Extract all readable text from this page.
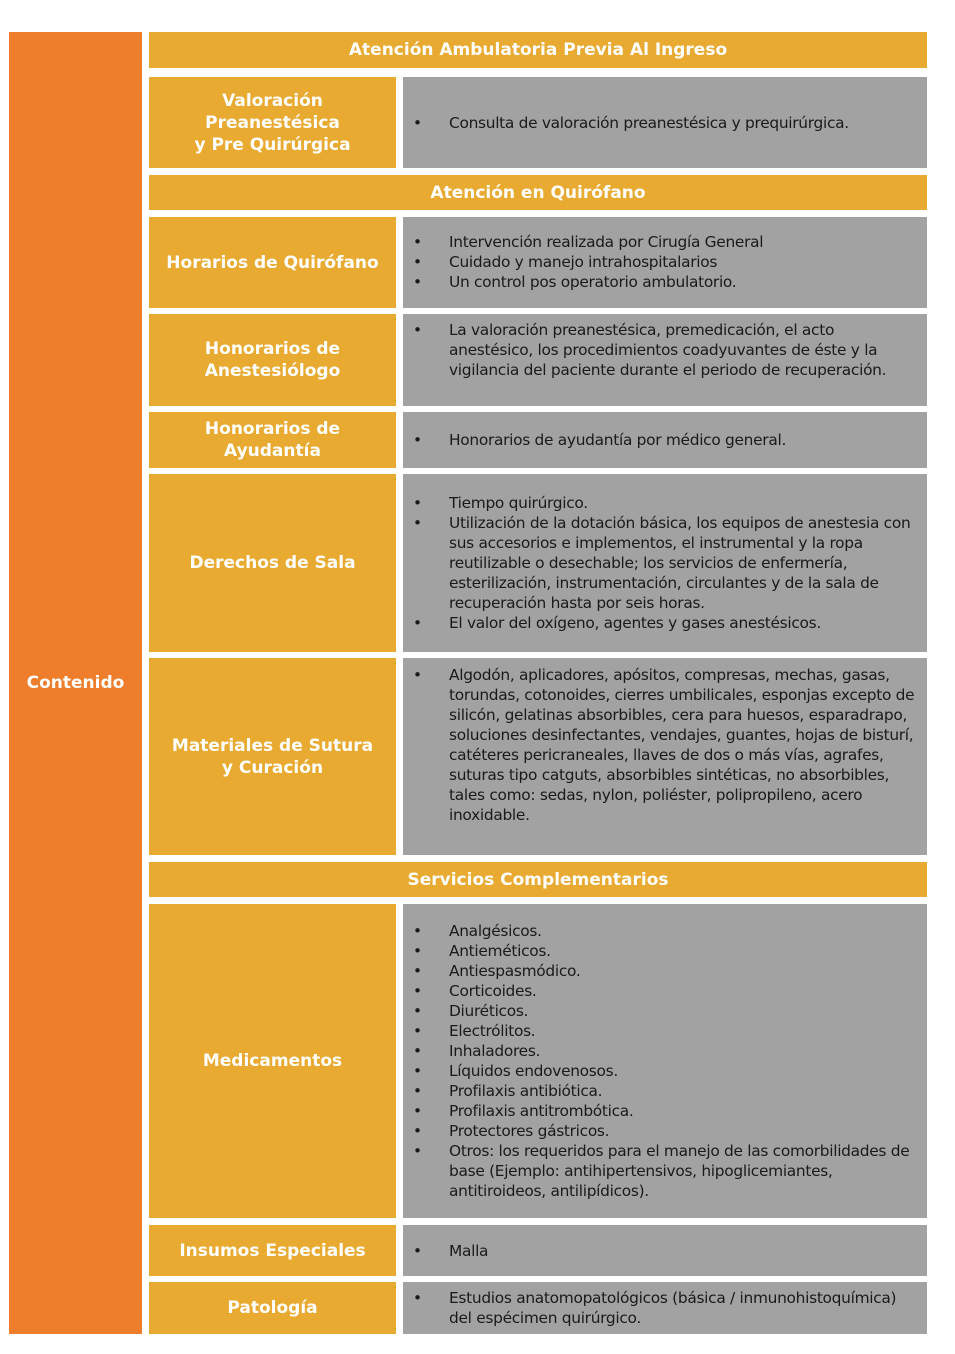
Contenido
Atención Ambulatoria Previa Al Ingreso
Valoración
Preanestésica
y Pre Quirúrgica
• Consulta de valoración preanestésica y prequirúrgica.
Atención en Quirófano
Horarios de Quirófano
• Intervención realizada por Cirugía General
• Cuidado y manejo intrahospitalarios
• Un control pos operatorio ambulatorio.
Honorarios de
Anestesiólogo
• La valoración preanestésica, premedicación, el acto anestésico, los procedimientos coadyuvantes de éste y la vigilancia del paciente durante el periodo de recuperación.
Honorarios de
Ayudantía
• Honorarios de ayudantía por médico general.
Derechos de Sala
• Tiempo quirúrgico.
• Utilización de la dotación básica, los equipos de anestesia con sus accesorios e implementos, el instrumental y la ropa reutilizable o desechable; los servicios de enfermería, esterilización, instrumentación, circulantes y de la sala de recuperación hasta por seis horas.
• El valor del oxígeno, agentes y gases anestésicos.
Materiales de Sutura
y Curación
• Algodón, aplicadores, apósitos, compresas, mechas, gasas, torundas, cotonoides, cierres umbilicales, esponjas excepto de silicón, gelatinas absorbibles, cera para huesos, esparadrapo, soluciones desinfectantes, vendajes, guantes, hojas de bisturí, catéteres pericraneales, llaves de dos o más vías, agrafes, suturas tipo catguts, absorbibles sintéticas, no absorbibles, tales como: sedas, nylon, poliéster, polipropileno, acero inoxidable.
Servicios Complementarios
Medicamentos
• Analgésicos.
• Antieméticos.
• Antiespasmódico.
• Corticoides.
• Diuréticos.
• Electrólitos.
• Inhaladores.
• Líquidos endovenosos.
• Profilaxis antibiótica.
• Profilaxis antitrombótica.
• Protectores gástricos.
• Otros: los requeridos para el manejo de las comorbilidades de base (Ejemplo: antihipertensivos, hipoglicemiantes, antitiroideos, antilipídicos).
Insumos Especiales	• Malla
Patología	• Estudios anatomopatológicos (básica / inmunohistoquímica) del espécimen quirúrgico.
